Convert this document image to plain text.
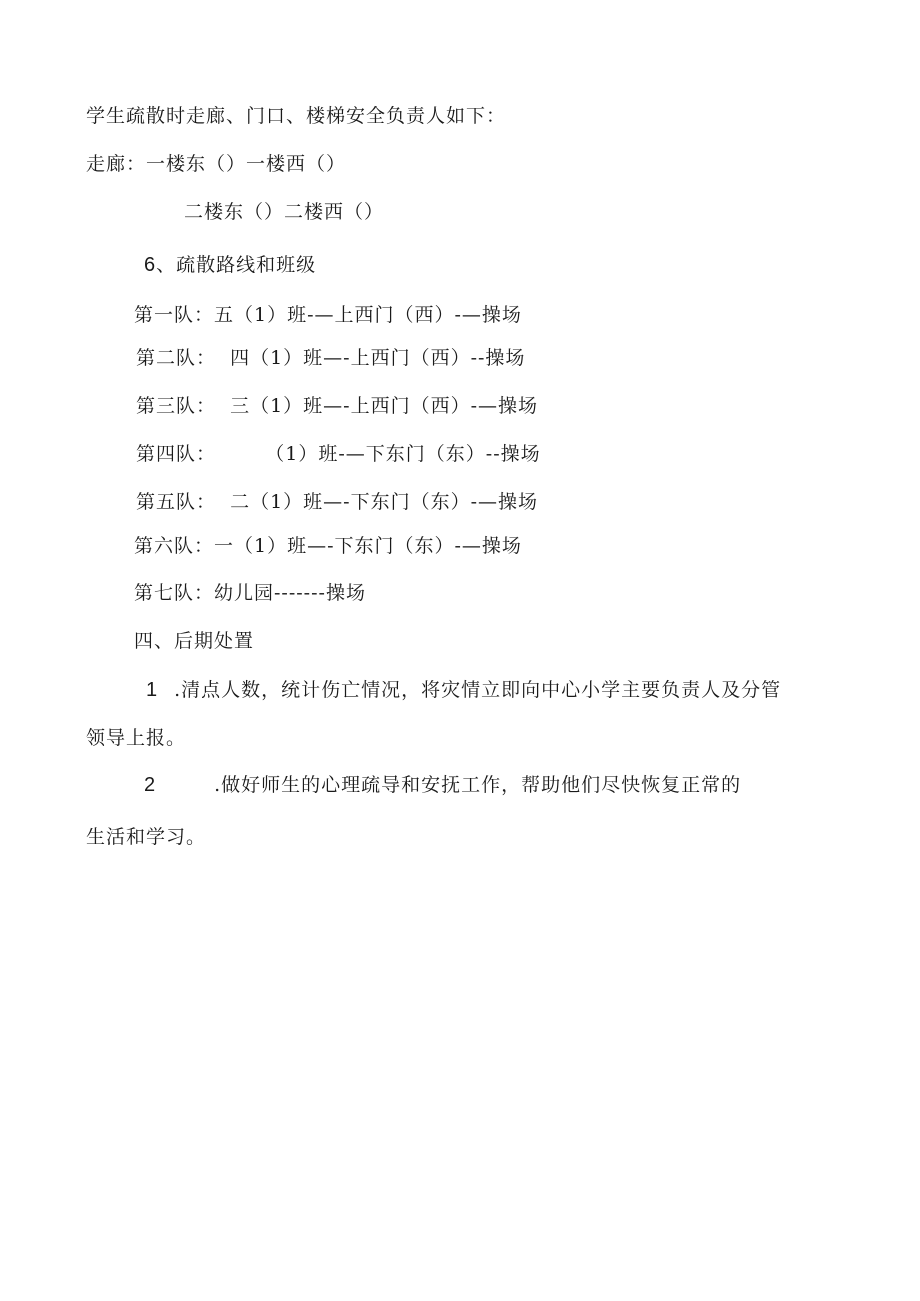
学生疏散时走廊、门口、楼梯安全负责人如下：
走廊：一楼东（）一楼西（）
二楼东（）二楼西（）
6、疏散路线和班级
第一队：五（1）班-—上西门（西）-—操场
第二队：  四（1）班—-上西门（西）--操场
第三队：  三（1）班—-上西门（西）-—操场
第四队：       （1）班-—下东门（东）--操场
第五队：  二（1）班—-下东门（东）-—操场
第六队：一（1）班—-下东门（东）-—操场
第七队：幼儿园-------操场
四、后期处置
1 .清点人数，统计伤亡情况，将灾情立即向中心小学主要负责人及分管
领导上报。
2	.做好师生的心理疏导和安抚工作，帮助他们尽快恢复正常的
生活和学习。
